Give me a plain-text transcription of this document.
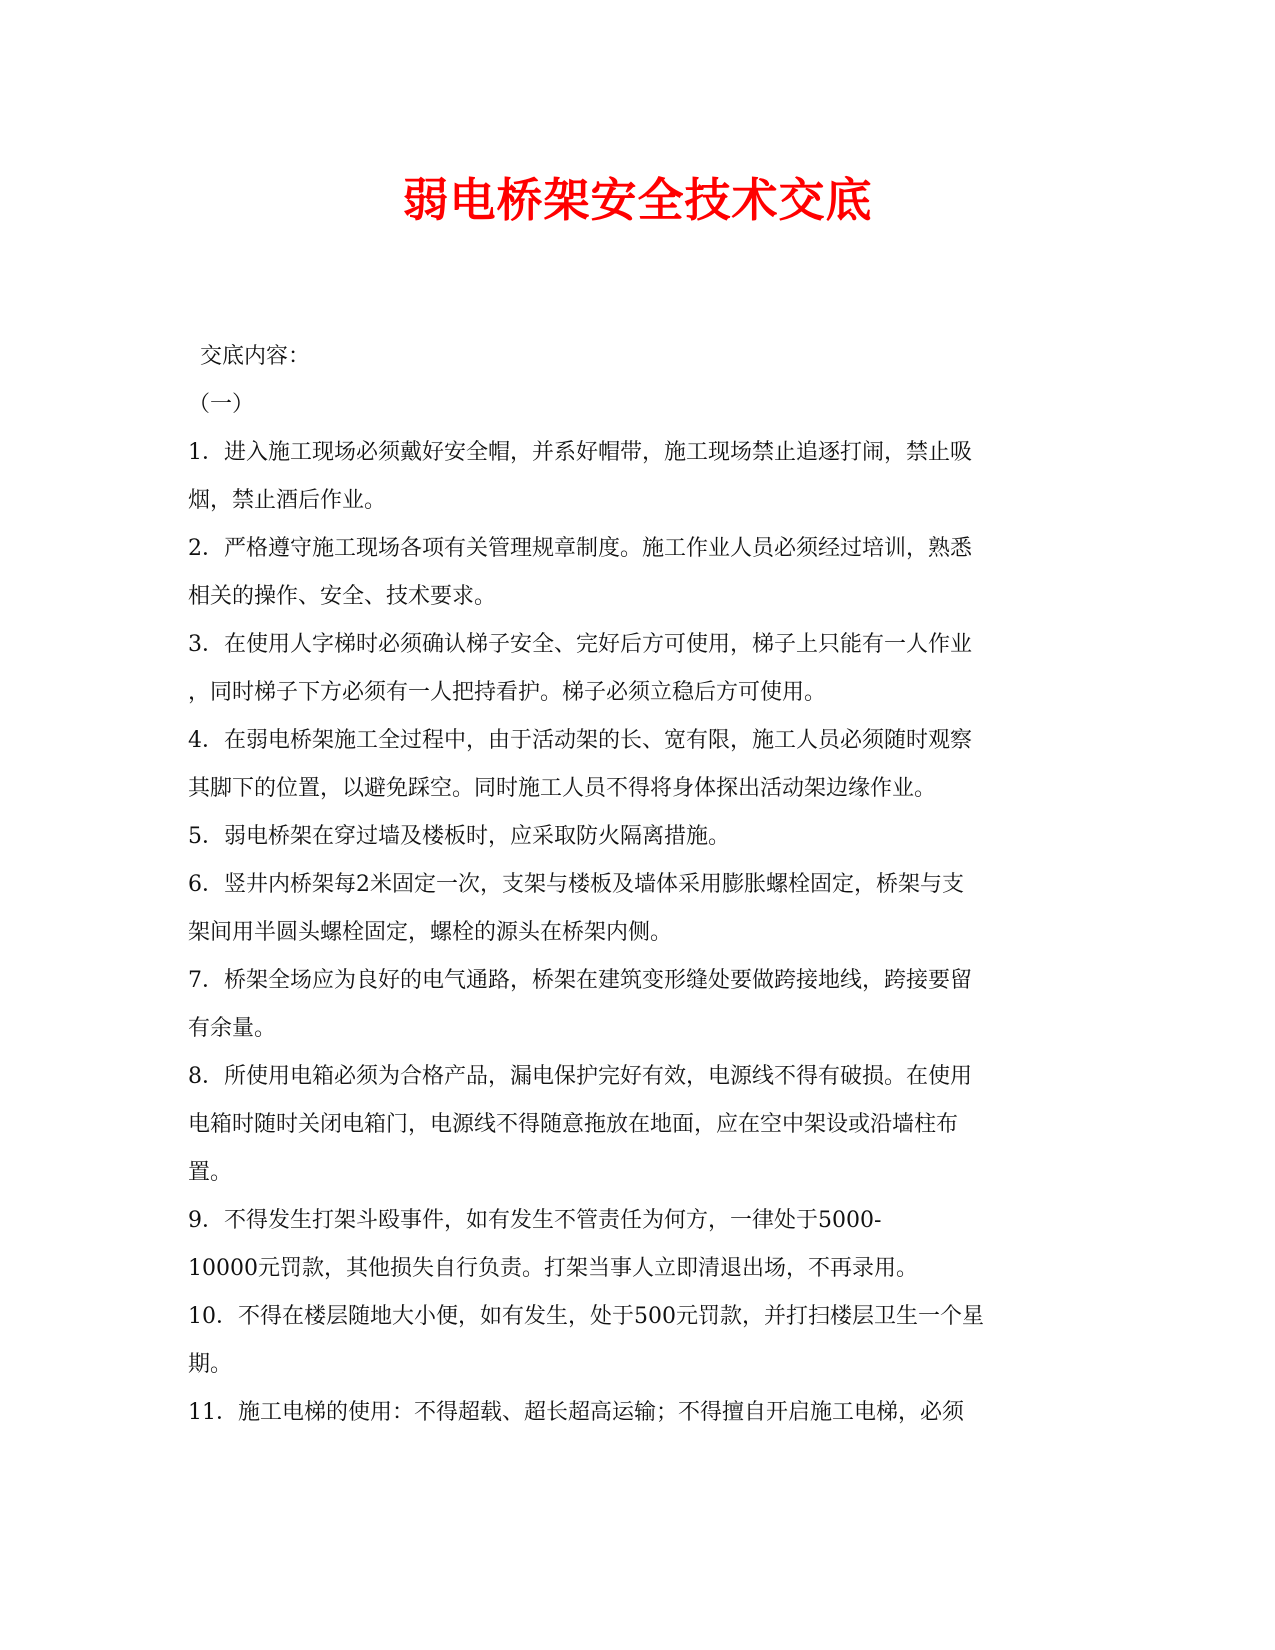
弱电桥架安全技术交底
交底内容：
（一）
1．进入施工现场必须戴好安全帽，并系好帽带，施工现场禁止追逐打闹，禁止吸
烟，禁止酒后作业。
2．严格遵守施工现场各项有关管理规章制度。施工作业人员必须经过培训，熟悉
相关的操作、安全、技术要求。
3．在使用人字梯时必须确认梯子安全、完好后方可使用，梯子上只能有一人作业
，同时梯子下方必须有一人把持看护。梯子必须立稳后方可使用。
4．在弱电桥架施工全过程中，由于活动架的长、宽有限，施工人员必须随时观察
其脚下的位置，以避免踩空。同时施工人员不得将身体探出活动架边缘作业。
5．弱电桥架在穿过墙及楼板时，应采取防火隔离措施。
6．竖井内桥架每2米固定一次，支架与楼板及墙体采用膨胀螺栓固定，桥架与支
架间用半圆头螺栓固定，螺栓的源头在桥架内侧。
7．桥架全场应为良好的电气通路，桥架在建筑变形缝处要做跨接地线，跨接要留
有余量。
8．所使用电箱必须为合格产品，漏电保护完好有效，电源线不得有破损。在使用
电箱时随时关闭电箱门，电源线不得随意拖放在地面，应在空中架设或沿墙柱布
置。
9．不得发生打架斗殴事件，如有发生不管责任为何方，一律处于5000-
10000元罚款，其他损失自行负责。打架当事人立即清退出场，不再录用。
10．不得在楼层随地大小便，如有发生，处于500元罚款，并打扫楼层卫生一个星
期。
11．施工电梯的使用：不得超载、超长超高运输；不得擅自开启施工电梯，必须
